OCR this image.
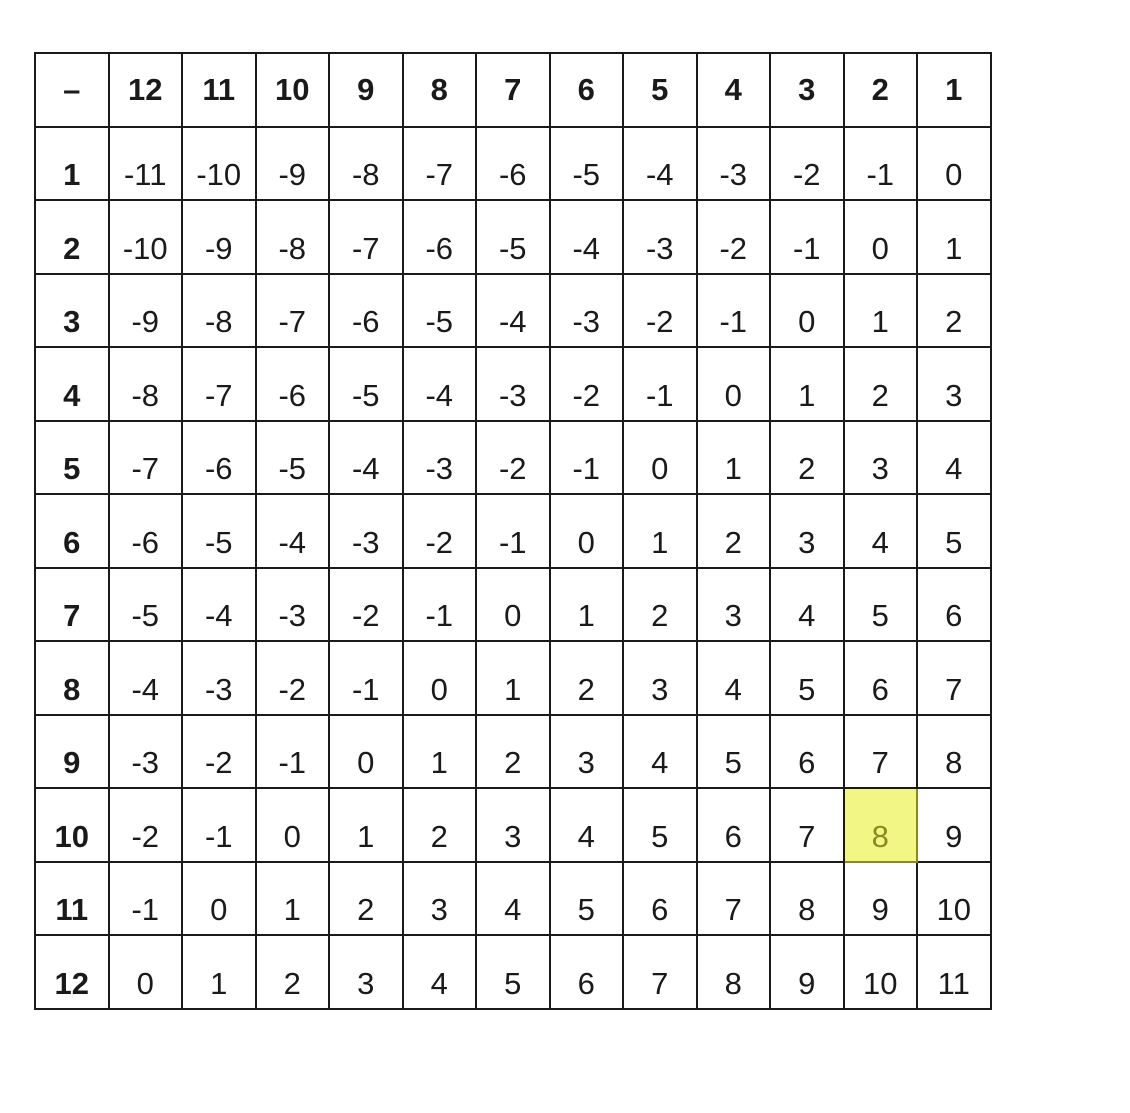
–	12	11	10	9	8	7	6	5	4	3	2	1
1	-11	-10	-9	-8	-7	-6	-5	-4	-3	-2	-1	0
2	-10	-9	-8	-7	-6	-5	-4	-3	-2	-1	0	1
3	-9	-8	-7	-6	-5	-4	-3	-2	-1	0	1	2
4	-8	-7	-6	-5	-4	-3	-2	-1	0	1	2	3
5	-7	-6	-5	-4	-3	-2	-1	0	1	2	3	4
6	-6	-5	-4	-3	-2	-1	0	1	2	3	4	5
7	-5	-4	-3	-2	-1	0	1	2	3	4	5	6
8	-4	-3	-2	-1	0	1	2	3	4	5	6	7
9	-3	-2	-1	0	1	2	3	4	5	6	7	8
10	-2	-1	0	1	2	3	4	5	6	7	8	9
11	-1	0	1	2	3	4	5	6	7	8	9	10
12	0	1	2	3	4	5	6	7	8	9	10	11
